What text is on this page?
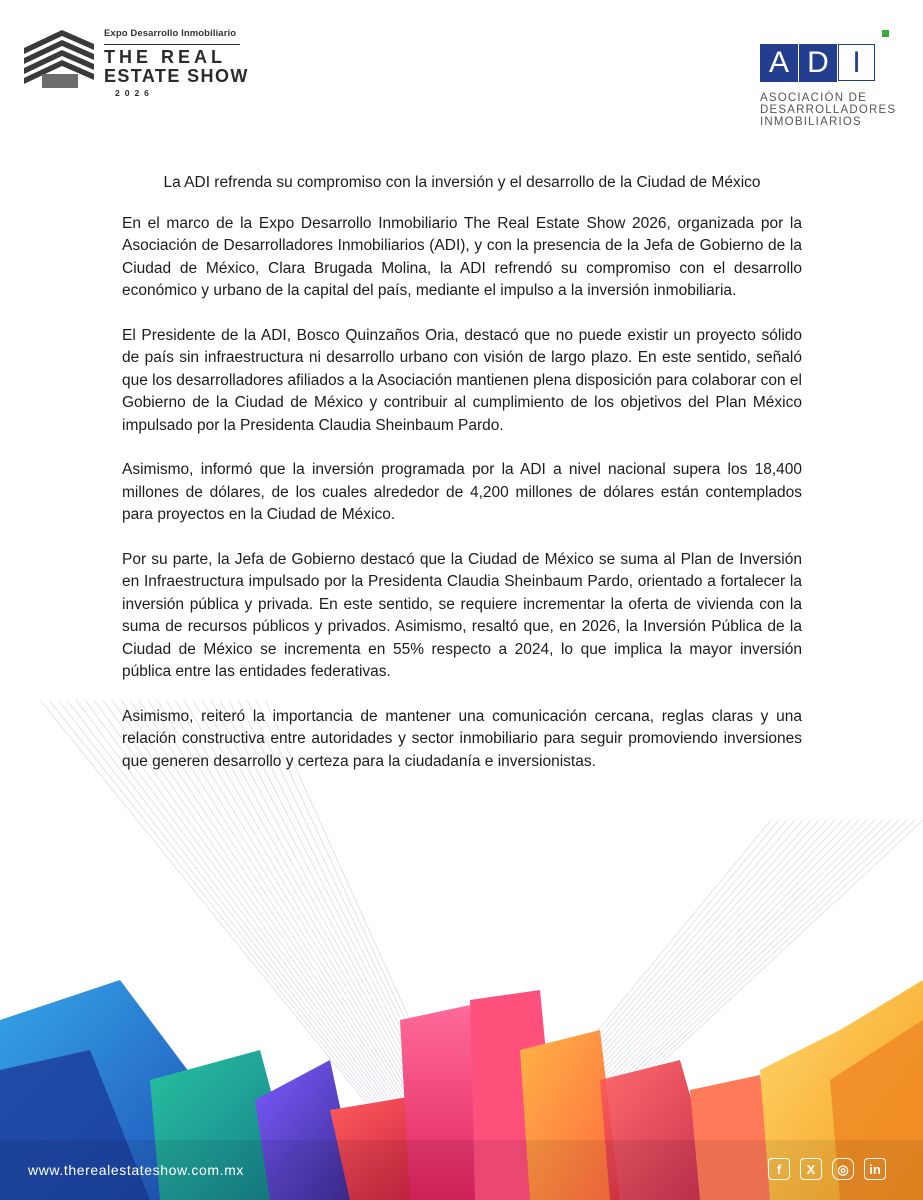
Expo Desarrollo Inmobiliario
THE REAL
ESTATE SHOW
2026
A D I
ASOCIACIÓN DE
DESARROLLADORES
INMOBILIARIOS
La ADI refrenda su compromiso con la inversión y el desarrollo de la Ciudad de México

En el marco de la Expo Desarrollo Inmobiliario The Real Estate Show 2026, organizada por la Asociación de Desarrolladores Inmobiliarios (ADI), y con la presencia de la Jefa de Gobierno de la Ciudad de México, Clara Brugada Molina, la ADI refrendó su compromiso con el desarrollo económico y urbano de la capital del país, mediante el impulso a la inversión inmobiliaria.

El Presidente de la ADI, Bosco Quinzaños Oria, destacó que no puede existir un proyecto sólido de país sin infraestructura ni desarrollo urbano con visión de largo plazo. En este sentido, señaló que los desarrolladores afiliados a la Asociación mantienen plena disposición para colaborar con el Gobierno de la Ciudad de México y contribuir al cumplimiento de los objetivos del Plan México impulsado por la Presidenta Claudia Sheinbaum Pardo.

Asimismo, informó que la inversión programada por la ADI a nivel nacional supera los 18,400 millones de dólares, de los cuales alrededor de 4,200 millones de dólares están contemplados para proyectos en la Ciudad de México.

Por su parte, la Jefa de Gobierno destacó que la Ciudad de México se suma al Plan de Inversión en Infraestructura impulsado por la Presidenta Claudia Sheinbaum Pardo, orientado a fortalecer la inversión pública y privada. En este sentido, se requiere incrementar la oferta de vivienda con la suma de recursos públicos y privados. Asimismo, resaltó que, en 2026, la Inversión Pública de la Ciudad de México se incrementa en 55% respecto a 2024, lo que implica la mayor inversión pública entre las entidades federativas.

Asimismo, reiteró la importancia de mantener una comunicación cercana, reglas claras y una relación constructiva entre autoridades y sector inmobiliario para seguir promoviendo inversiones que generen desarrollo y certeza para la ciudadanía e inversionistas.

www.therealestateshow.com.mx	f	X	◎	in
